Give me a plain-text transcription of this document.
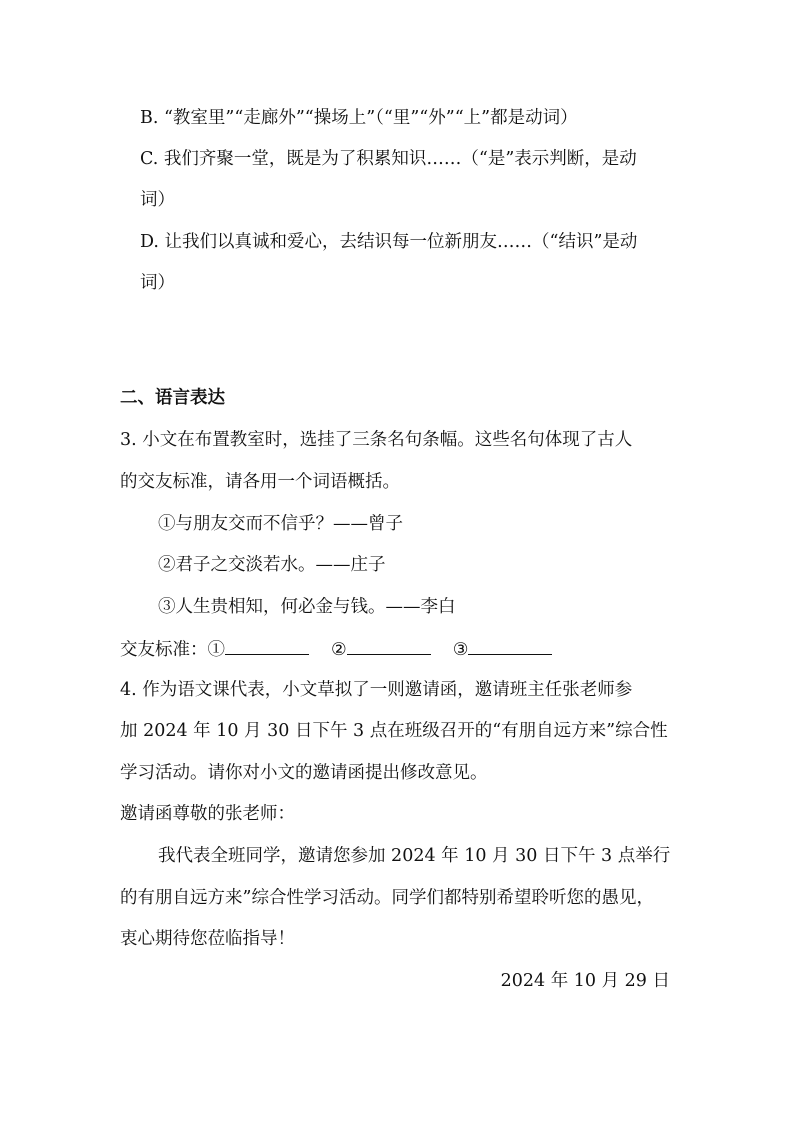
B. “教室里”“走廊外”“操场上”（“里”“外”“上”都是动词）
C. 我们齐聚一堂，既是为了积累知识……（“是”表示判断，是动
词）
D. 让我们以真诚和爱心，去结识每一位新朋友……（“结识”是动
词）
二、语言表达
3. 小文在布置教室时，选挂了三条名句条幅。这些名句体现了古人
的交友标准，请各用一个词语概括。
①与朋友交而不信乎？——曾子
②君子之交淡若水。——庄子
③人生贵相知，何必金与钱。——李白
交友标准：①	②	③
4. 作为语文课代表，小文草拟了一则邀请函，邀请班主任张老师参
加 2024 年 10 月 30 日下午 3 点在班级召开的“有朋自远方来”综合性
学习活动。请你对小文的邀请函提出修改意见。
邀请函尊敬的张老师：
我代表全班同学，邀请您参加 2024 年 10 月 30 日下午 3 点举行
的有朋自远方来”综合性学习活动。同学们都特别希望聆听您的愚见，
衷心期待您莅临指导！
2024 年 10 月 29 日
